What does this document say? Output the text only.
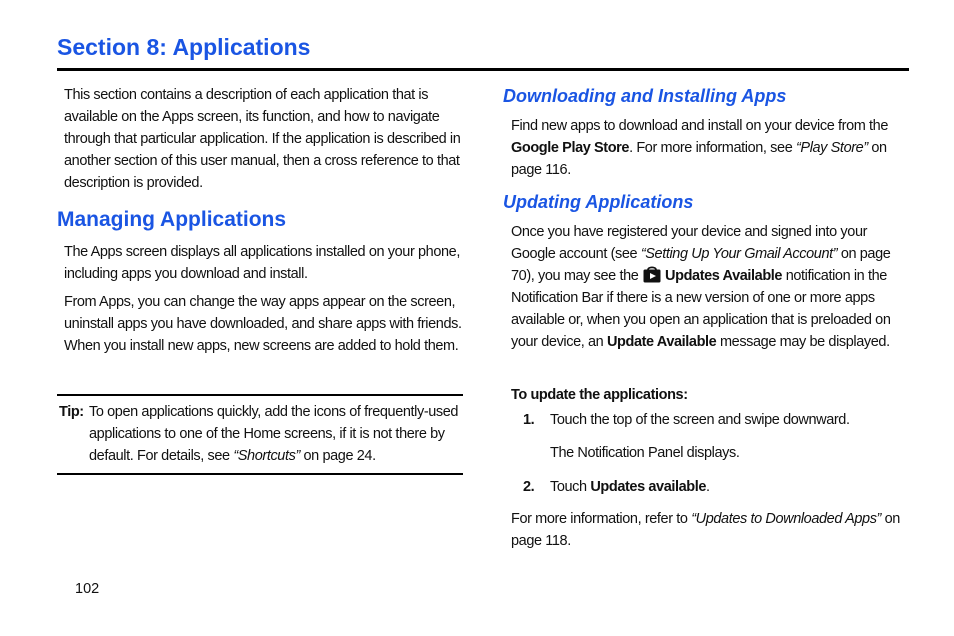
Section 8: Applications

This section contains a description of each application that is available on the Apps screen, its function, and how to navigate through that particular application. If the application is described in another section of this user manual, then a cross reference to that description is provided.

Managing Applications

The Apps screen displays all applications installed on your phone, including apps you download and install.

From Apps, you can change the way apps appear on the screen, uninstall apps you have downloaded, and share apps with friends. When you install new apps, new screens are added to hold them.

Tip: To open applications quickly, add the icons of frequently-used applications to one of the Home screens, if it is not there by default. For details, see “Shortcuts” on page 24.
Downloading and Installing Apps

Find new apps to download and install on your device from the Google Play Store. For more information, see “Play Store” on page 116.

Updating Applications

Once you have registered your device and signed into your Google account (see “Setting Up Your Gmail Account” on page 70), you may see the Updates Available notification in the Notification Bar if there is a new version of one or more apps available or, when you open an application that is preloaded on your device, an Update Available message may be displayed.

To update the applications:
1. Touch the top of the screen and swipe downward.
The Notification Panel displays.
2. Touch Updates available.

For more information, refer to “Updates to Downloaded Apps” on page 118.

102
